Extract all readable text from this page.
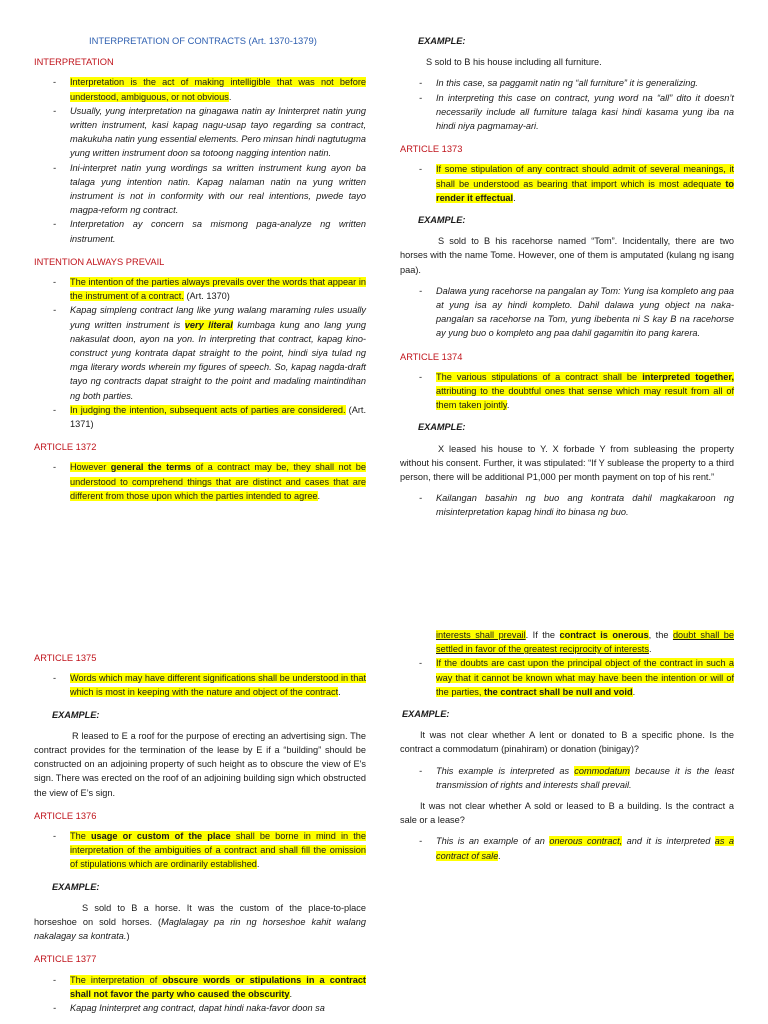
INTERPRETATION OF CONTRACTS (Art. 1370-1379)
INTERPRETATION
- Interpretation is the act of making intelligible that was not before understood, ambiguous, or not obvious.
- Usually, yung interpretation na ginagawa natin ay Ininterpret natin yung written instrument, kasi kapag nagu-usap tayo regarding sa contract, makukuha natin yung essential elements. Pero minsan hindi nagtutugma yung written instrument doon sa totoong nagging intention natin.
- Ini-interpret natin yung wordings sa written instrument kung ayon ba talaga yung intention natin. Kapag nalaman natin na yung written instrument is not in conformity with our real intentions, pwede tayo magpa-reform ng contract.
- Interpretation ay concern sa mismong paga-analyze ng written instrument.
INTENTION ALWAYS PREVAIL
- The intention of the parties always prevails over the words that appear in the instrument of a contract. (Art. 1370)
- Kapag simpleng contract lang like yung walang maraming rules usually yung written instrument is very literal kumbaga kung ano lang yung nakasulat doon, ayon na yon. In interpreting that contract, kapag kino-construct yung kontrata dapat straight to the point, hindi siya tulad ng mga literary words wherein my figures of speech. So, kapag nagda-draft tayo ng contracts dapat straight to the point and madaling maintindihan ng both parties.
- In judging the intention, subsequent acts of parties are considered. (Art. 1371)
ARTICLE 1372
- However general the terms of a contract may be, they shall not be understood to comprehend things that are distinct and cases that are different from those upon which the parties intended to agree.
EXAMPLE:
S sold to B his house including all furniture.
- In this case, sa paggamit natin ng “all furniture” it is generalizing.
- In interpreting this case on contract, yung word na “all” dito it doesn’t necessarily include all furniture talaga kasi hindi kasama yung iba na hindi niya pagmamay-ari.
ARTICLE 1373
- If some stipulation of any contract should admit of several meanings, it shall be understood as bearing that import which is most adequate to render it effectual.
EXAMPLE:
S sold to B his racehorse named “Tom”. Incidentally, there are two horses with the name Tome. However, one of them is amputated (kulang ng isang paa).
- Dalawa yung racehorse na pangalan ay Tom: Yung isa kompleto ang paa at yung isa ay hindi kompleto. Dahil dalawa yung object na naka-pangalan sa racehorse na Tom, yung ibebenta ni S kay B na racehorse ay yung buo o kompleto ang paa dahil gagamitin ito pang karera.
ARTICLE 1374
- The various stipulations of a contract shall be interpreted together, attributing to the doubtful ones that sense which may result from all of them taken jointly.
EXAMPLE:
X leased his house to Y. X forbade Y from subleasing the property without his consent. Further, it was stipulated: “If Y sublease the property to a third person, there will be additional P1,000 per month payment on top of his rent.”
- Kailangan basahin ng buo ang kontrata dahil magkakaroon ng misinterpretation kapag hindi ito binasa ng buo.
ARTICLE 1375
- Words which may have different significations shall be understood in that which is most in keeping with the nature and object of the contract.
EXAMPLE:
R leased to E a roof for the purpose of erecting an advertising sign. The contract provides for the termination of the lease by E if a “building” should be constructed on an adjoining property of such height as to obscure the view of E's sign. There was erected on the roof of an adjoining building sign which obstructed the view of E’s sign.
ARTICLE 1376
- The usage or custom of the place shall be borne in mind in the interpretation of the ambiguities of a contract and shall fill the omission of stipulations which are ordinarily established.
EXAMPLE:
S sold to B a horse. It was the custom of the place-to-place horseshoe on sold horses. (Maglalagay pa rin ng horseshoe kahit walang nakalagay sa kontrata.)
ARTICLE 1377
- The interpretation of obscure words or stipulations in a contract shall not favor the party who caused the obscurity.
- Kapag Ininterpret ang contract, dapat hindi naka-favor doon sa
interests shall prevail. If the contract is onerous, the doubt shall be settled in favor of the greatest reciprocity of interests.
- If the doubts are cast upon the principal object of the contract in such a way that it cannot be known what may have been the intention or will of the parties, the contract shall be null and void.
EXAMPLE:
It was not clear whether A lent or donated to B a specific phone. Is the contract a commodatum (pinahiram) or donation (binigay)?
- This example is interpreted as commodatum because it is the least transmission of rights and interests shall prevail.
It was not clear whether A sold or leased to B a building. Is the contract a sale or a lease?
- This is an example of an onerous contract, and it is interpreted as a contract of sale.
